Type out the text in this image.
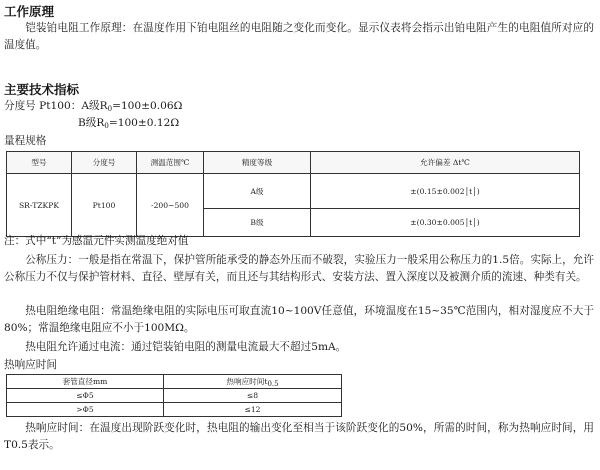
工作原理
铠装铂电阻工作原理：在温度作用下铂电阻丝的电阻随之变化而变化。显示仪表将会指示出铂电阻产生的电阻值所对应的温度值。
主要技术指标
分度号 Pt100：A级$R_0=100\pm 0.06\Omega$
B级$R_0=100\pm 0.12\Omega$
量程规格
型号	分度号	测温范围℃	精度等级	允许偏差 Δt℃
SR-TZKPK	Pt100	-200~500	A级	±(0.15±0.002│t│)
			B级	±(0.30±0.005│t│)
注：式中“t”为感温元件实测温度绝对值
公称压力：一般是指在常温下，保护管所能承受的静态外压而不破裂，实验压力一般采用公称压力的1.5倍。实际上，允许公称压力不仅与保护管材料、直径、壁厚有关，而且还与其结构形式、安装方法、置入深度以及被测介质的流速、种类有关。
热电阻绝缘电阻：常温绝缘电阻的实际电压可取直流10~100V任意值，环境温度在15~35℃范围内，相对湿度应不大于80%；常温绝缘电阻应不小于100MΩ。
热电阻允许通过电流：通过铠装铂电阻的测量电流最大不超过5mA。
热响应时间
套管直径mm	热响应时间$t_{0.5}$
≤Φ5	≤8
>Φ5	≤12
热响应时间：在温度出现阶跃变化时，热电阻的输出变化至相当于该阶跃变化的50%，所需的时间，称为热响应时间，用T0.5表示。
